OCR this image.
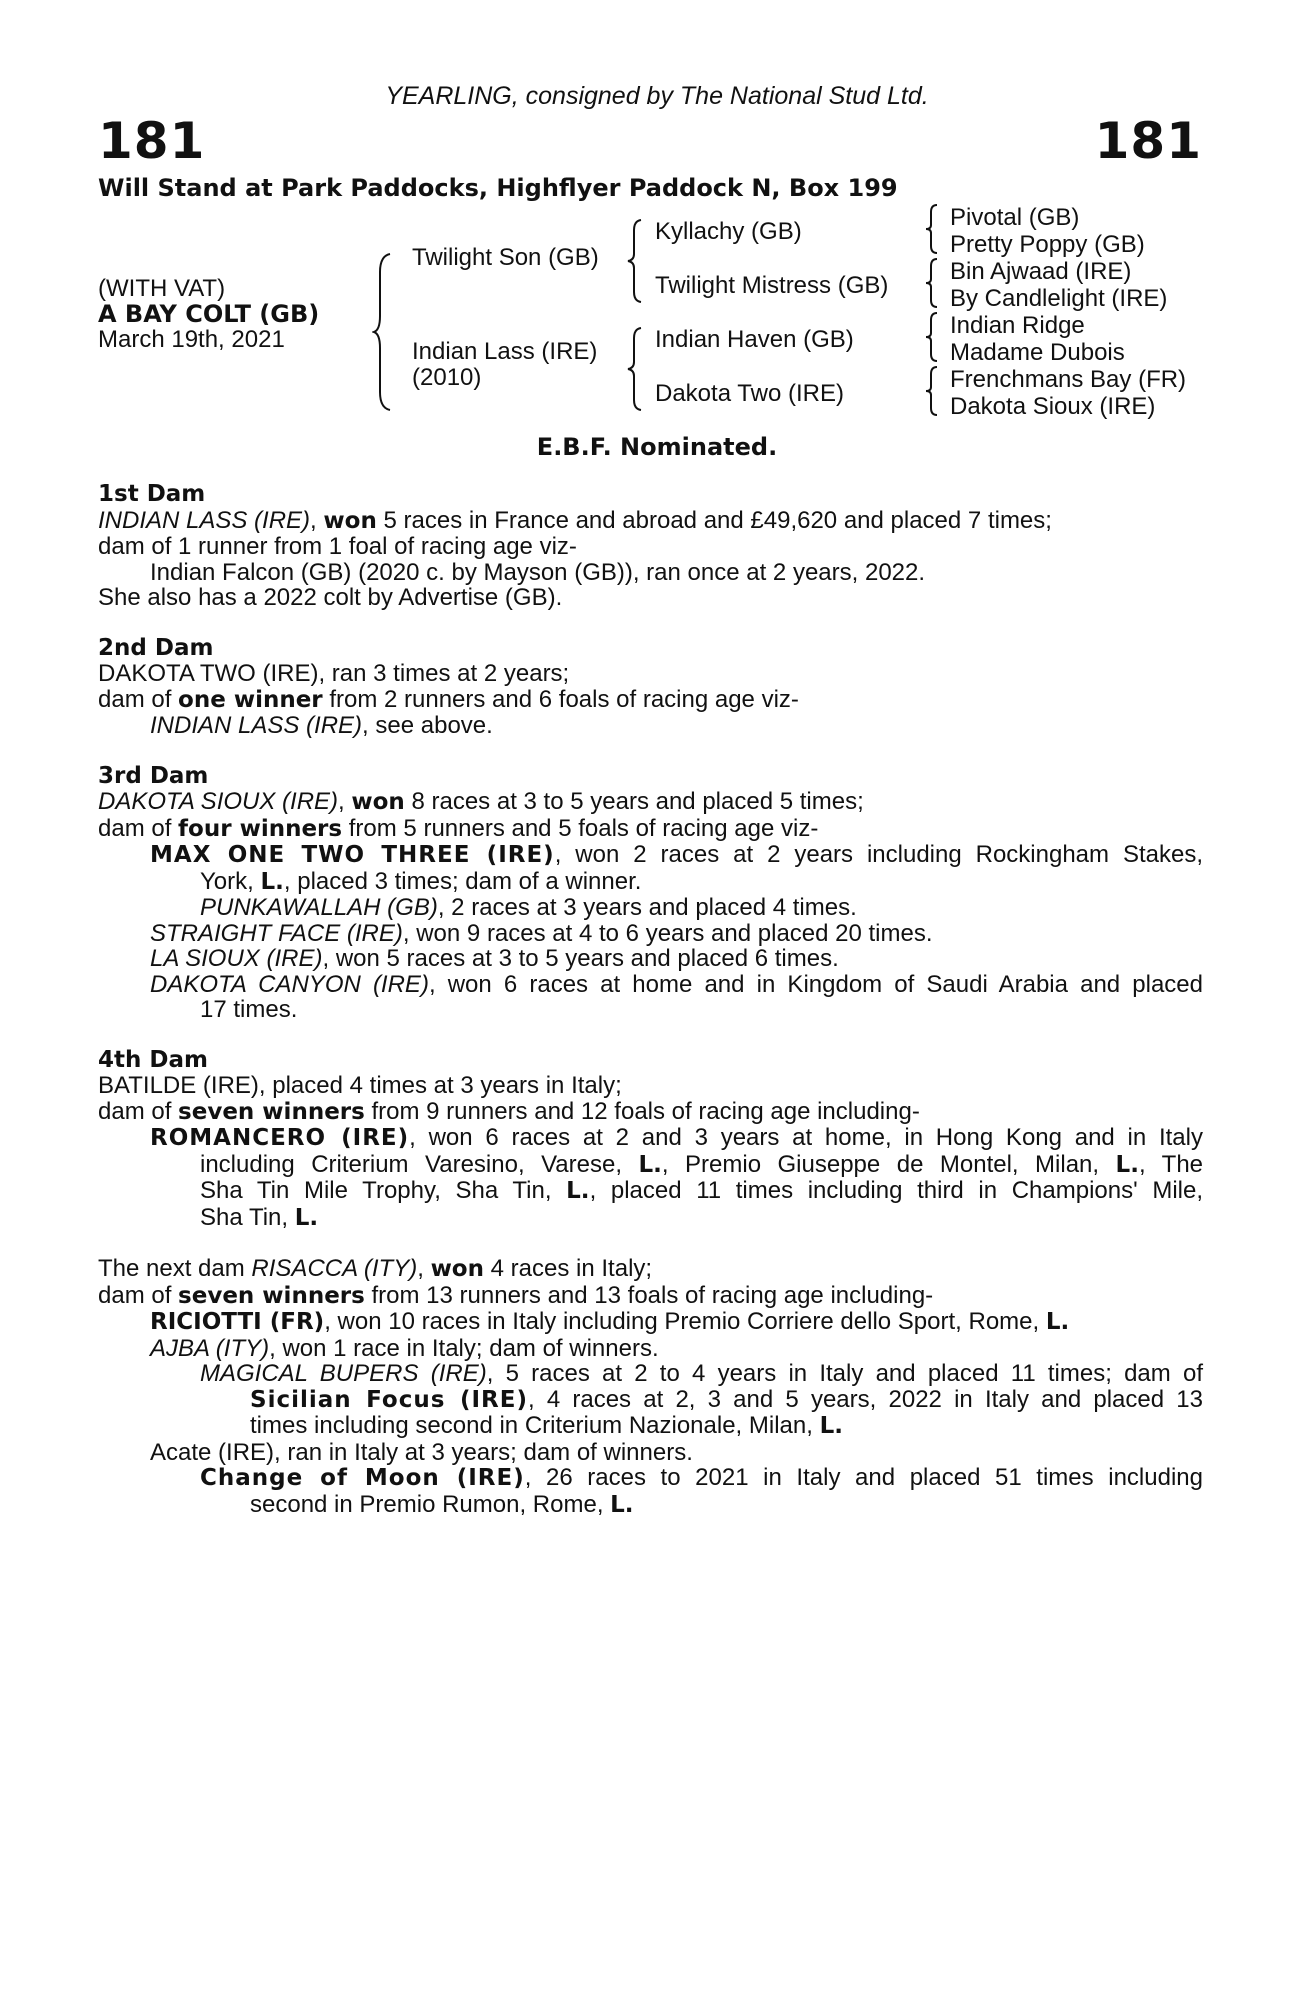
YEARLING, consigned by The National Stud Ltd.
181	181
Will Stand at Park Paddocks, Highflyer Paddock N, Box 199
(WITH VAT)
A BAY COLT (GB)
March 19th, 2021
Twilight Son (GB)
Indian Lass (IRE)
(2010)
Kyllachy (GB)
Twilight Mistress (GB)
Indian Haven (GB)
Dakota Two (IRE)
Pivotal (GB)
Pretty Poppy (GB)
Bin Ajwaad (IRE)
By Candlelight (IRE)
Indian Ridge
Madame Dubois
Frenchmans Bay (FR)
Dakota Sioux (IRE)
E.B.F. Nominated.
1st Dam
INDIAN LASS (IRE), won 5 races in France and abroad and £49,620 and placed 7 times;
dam of 1 runner from 1 foal of racing age viz-
Indian Falcon (GB) (2020 c. by Mayson (GB)), ran once at 2 years, 2022.
She also has a 2022 colt by Advertise (GB).
2nd Dam
DAKOTA TWO (IRE), ran 3 times at 2 years;
dam of one winner from 2 runners and 6 foals of racing age viz-
INDIAN LASS (IRE), see above.
3rd Dam
DAKOTA SIOUX (IRE), won 8 races at 3 to 5 years and placed 5 times;
dam of four winners from 5 runners and 5 foals of racing age viz-
MAX ONE TWO THREE (IRE), won 2 races at 2 years including Rockingham Stakes,
York, L., placed 3 times; dam of a winner.
PUNKAWALLAH (GB), 2 races at 3 years and placed 4 times.
STRAIGHT FACE (IRE), won 9 races at 4 to 6 years and placed 20 times.
LA SIOUX (IRE), won 5 races at 3 to 5 years and placed 6 times.
DAKOTA CANYON (IRE), won 6 races at home and in Kingdom of Saudi Arabia and placed
17 times.
4th Dam
BATILDE (IRE), placed 4 times at 3 years in Italy;
dam of seven winners from 9 runners and 12 foals of racing age including-
ROMANCERO (IRE), won 6 races at 2 and 3 years at home, in Hong Kong and in Italy
including Criterium Varesino, Varese, L., Premio Giuseppe de Montel, Milan, L., The
Sha Tin Mile Trophy, Sha Tin, L., placed 11 times including third in Champions' Mile,
Sha Tin, L.
The next dam RISACCA (ITY), won 4 races in Italy;
dam of seven winners from 13 runners and 13 foals of racing age including-
RICIOTTI (FR), won 10 races in Italy including Premio Corriere dello Sport, Rome, L.
AJBA (ITY), won 1 race in Italy; dam of winners.
MAGICAL BUPERS (IRE), 5 races at 2 to 4 years in Italy and placed 11 times; dam of
Sicilian Focus (IRE), 4 races at 2, 3 and 5 years, 2022 in Italy and placed 13
times including second in Criterium Nazionale, Milan, L.
Acate (IRE), ran in Italy at 3 years; dam of winners.
Change of Moon (IRE), 26 races to 2021 in Italy and placed 51 times including
second in Premio Rumon, Rome, L.
